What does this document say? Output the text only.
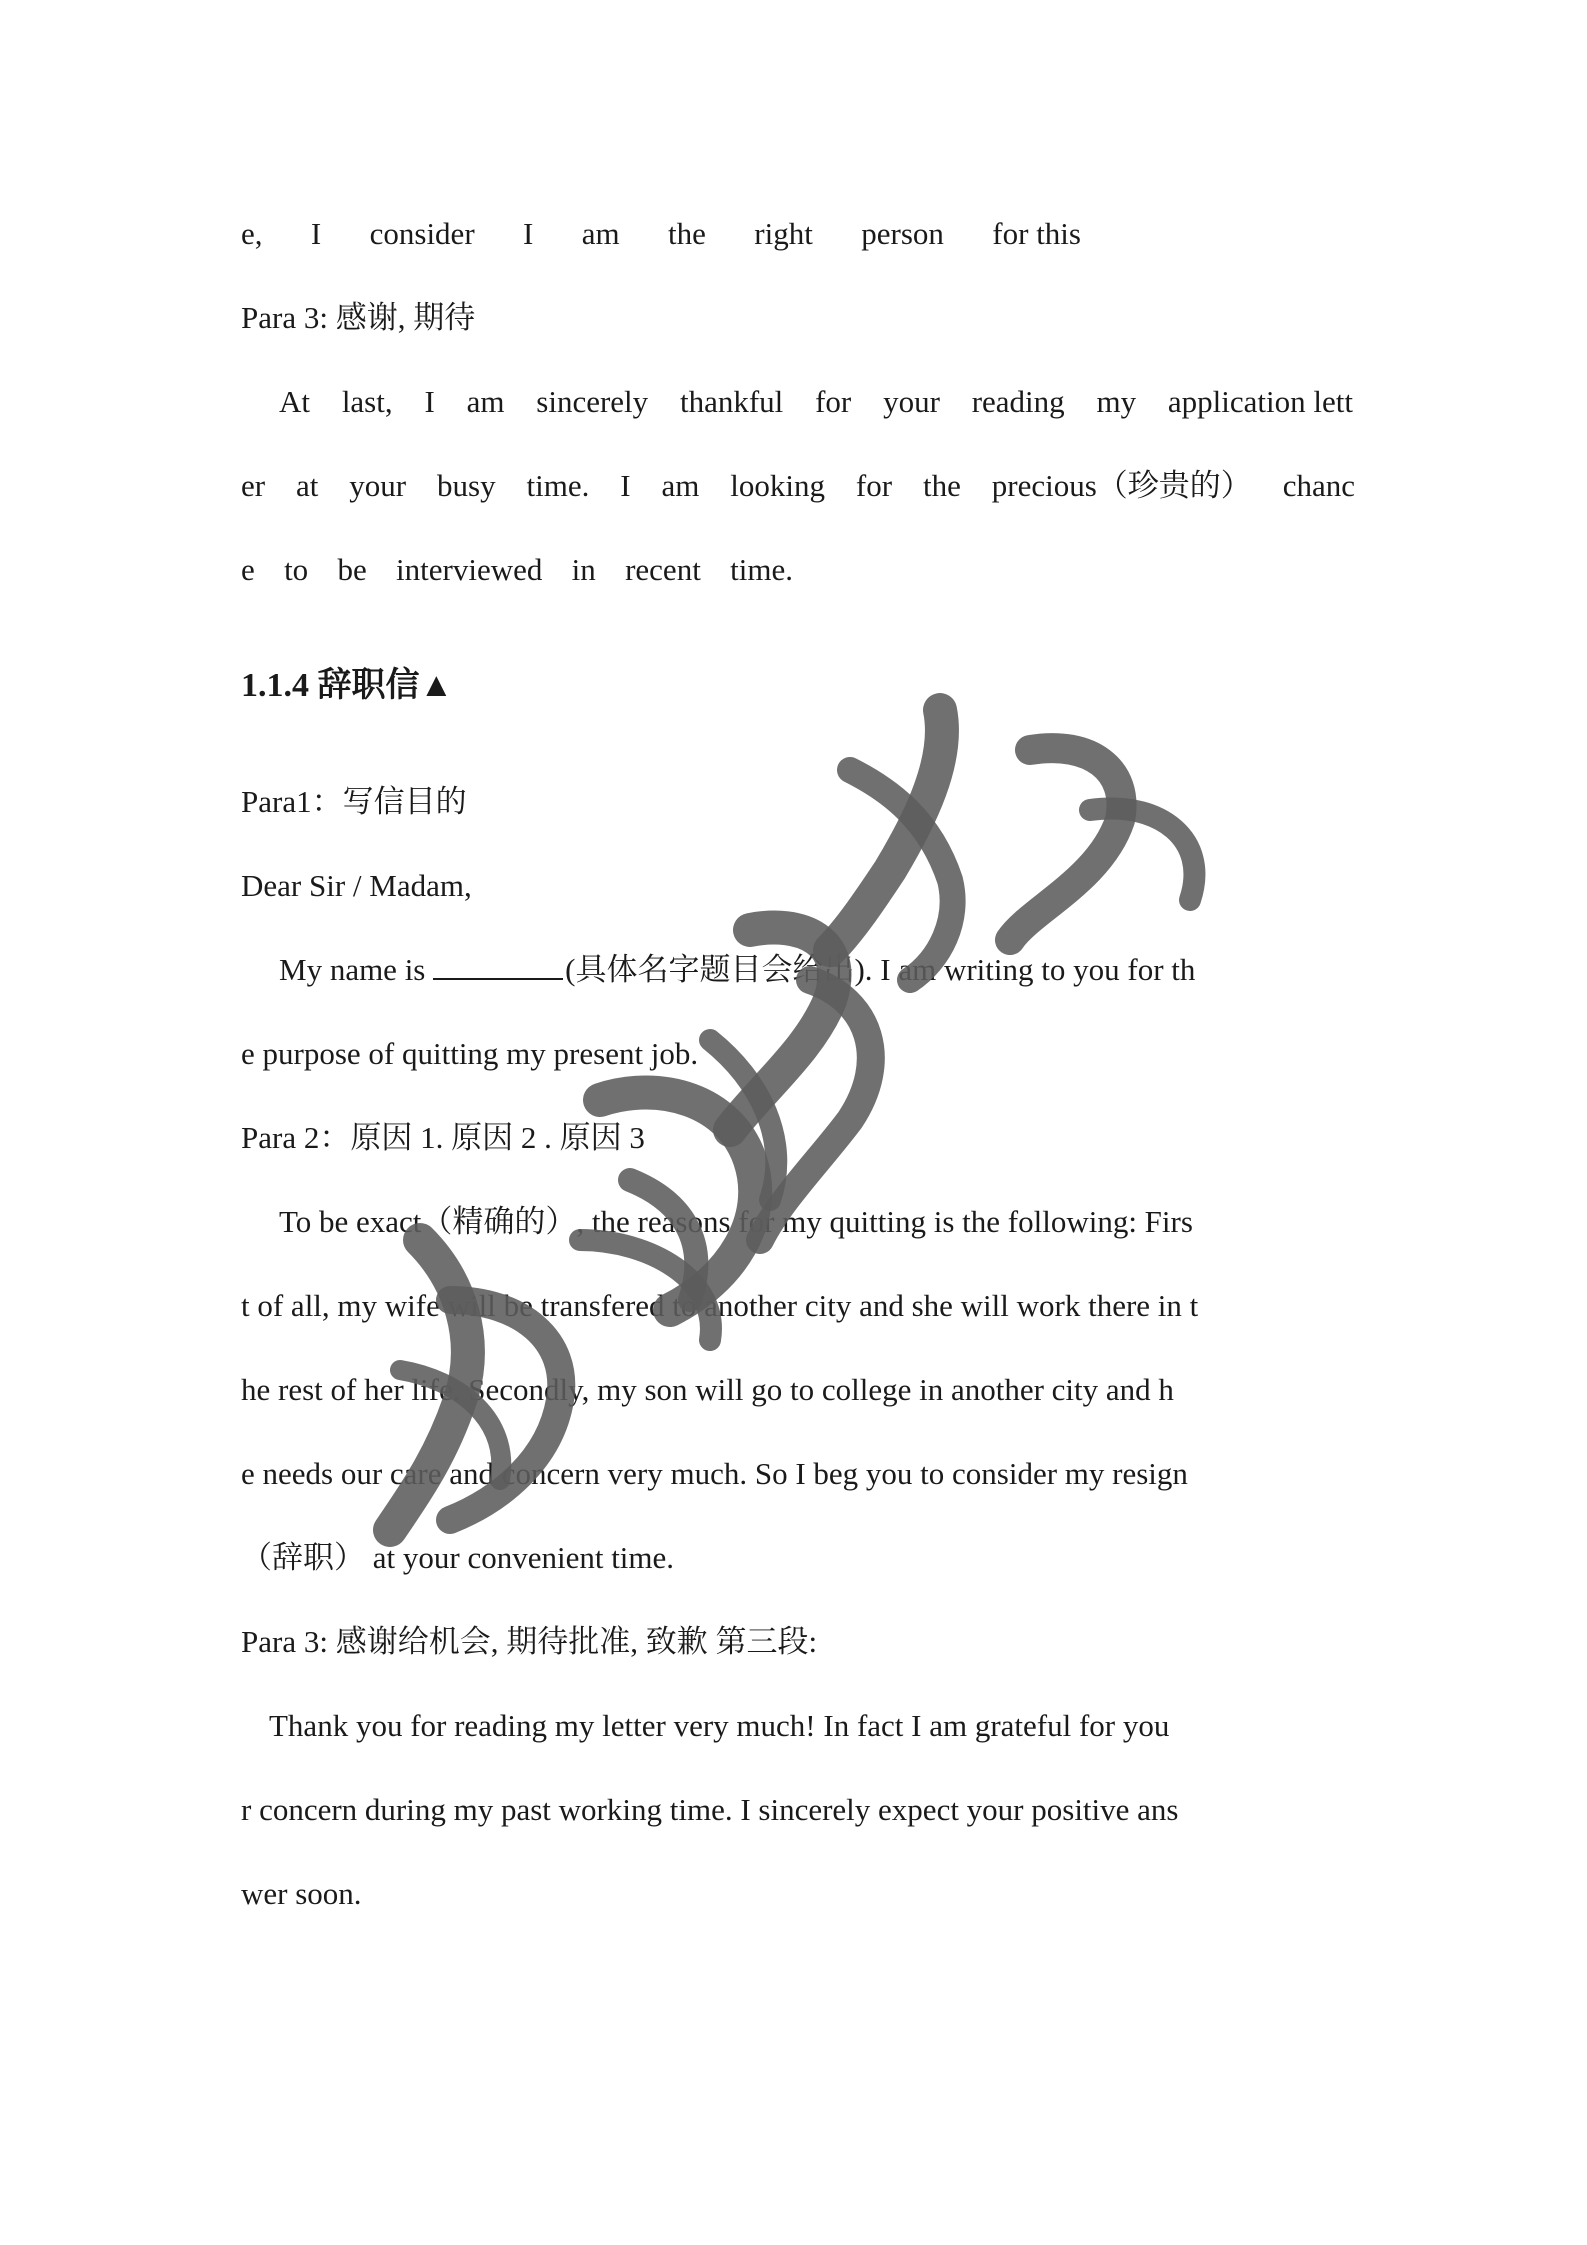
e, I consider I am the right person for this
Para 3: 感谢, 期待
At last, I am sincerely thankful for your reading my application lett
er at your busy time. I am looking for the precious（珍贵的） chanc
e to be interviewed in recent time.
1.1.4 辞职信▲
Para1：写信目的
Dear Sir / Madam,
My name is	(具体名字题目会给出). I am writing to you for th
e purpose of quitting my present job.
Para 2：原因 1. 原因 2 . 原因 3
To be exact（精确的）, the reasons for my quitting is the following: Firs
t of all, my wife will be transfered to another city and she will work there in t
he rest of her life. Secondly, my son will go to college in another city and h
e needs our care and concern very much. So I beg you to consider my resign
（辞职） at your convenient time.
Para 3: 感谢给机会, 期待批准, 致歉 第三段:
Thank you for reading my letter very much! In fact I am grateful for you
r concern during my past working time. I sincerely expect your positive ans
wer soon.
